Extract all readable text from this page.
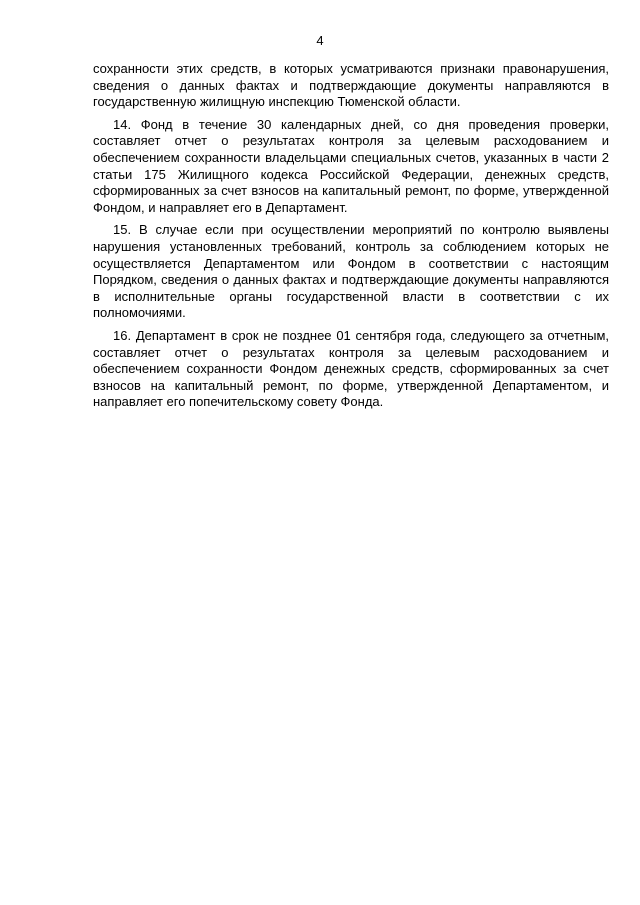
4

сохранности этих средств, в которых усматриваются признаки правонарушения, сведения о данных фактах и подтверждающие документы направляются в государственную жилищную инспекцию Тюменской области.

14. Фонд в течение 30 календарных дней, со дня проведения проверки, составляет отчет о результатах контроля за целевым расходованием и обеспечением сохранности владельцами специальных счетов, указанных в части 2 статьи 175 Жилищного кодекса Российской Федерации, денежных средств, сформированных за счет взносов на капитальный ремонт, по форме, утвержденной Фондом, и направляет его в Департамент.

15. В случае если при осуществлении мероприятий по контролю выявлены нарушения установленных требований, контроль за соблюдением которых не осуществляется Департаментом или Фондом в соответствии с настоящим Порядком, сведения о данных фактах и подтверждающие документы направляются в исполнительные органы государственной власти в соответствии с их полномочиями.

16. Департамент в срок не позднее 01 сентября года, следующего за отчетным, составляет отчет о результатах контроля за целевым расходованием и обеспечением сохранности Фондом денежных средств, сформированных за счет взносов на капитальный ремонт, по форме, утвержденной Департаментом, и направляет его попечительскому совету Фонда.
